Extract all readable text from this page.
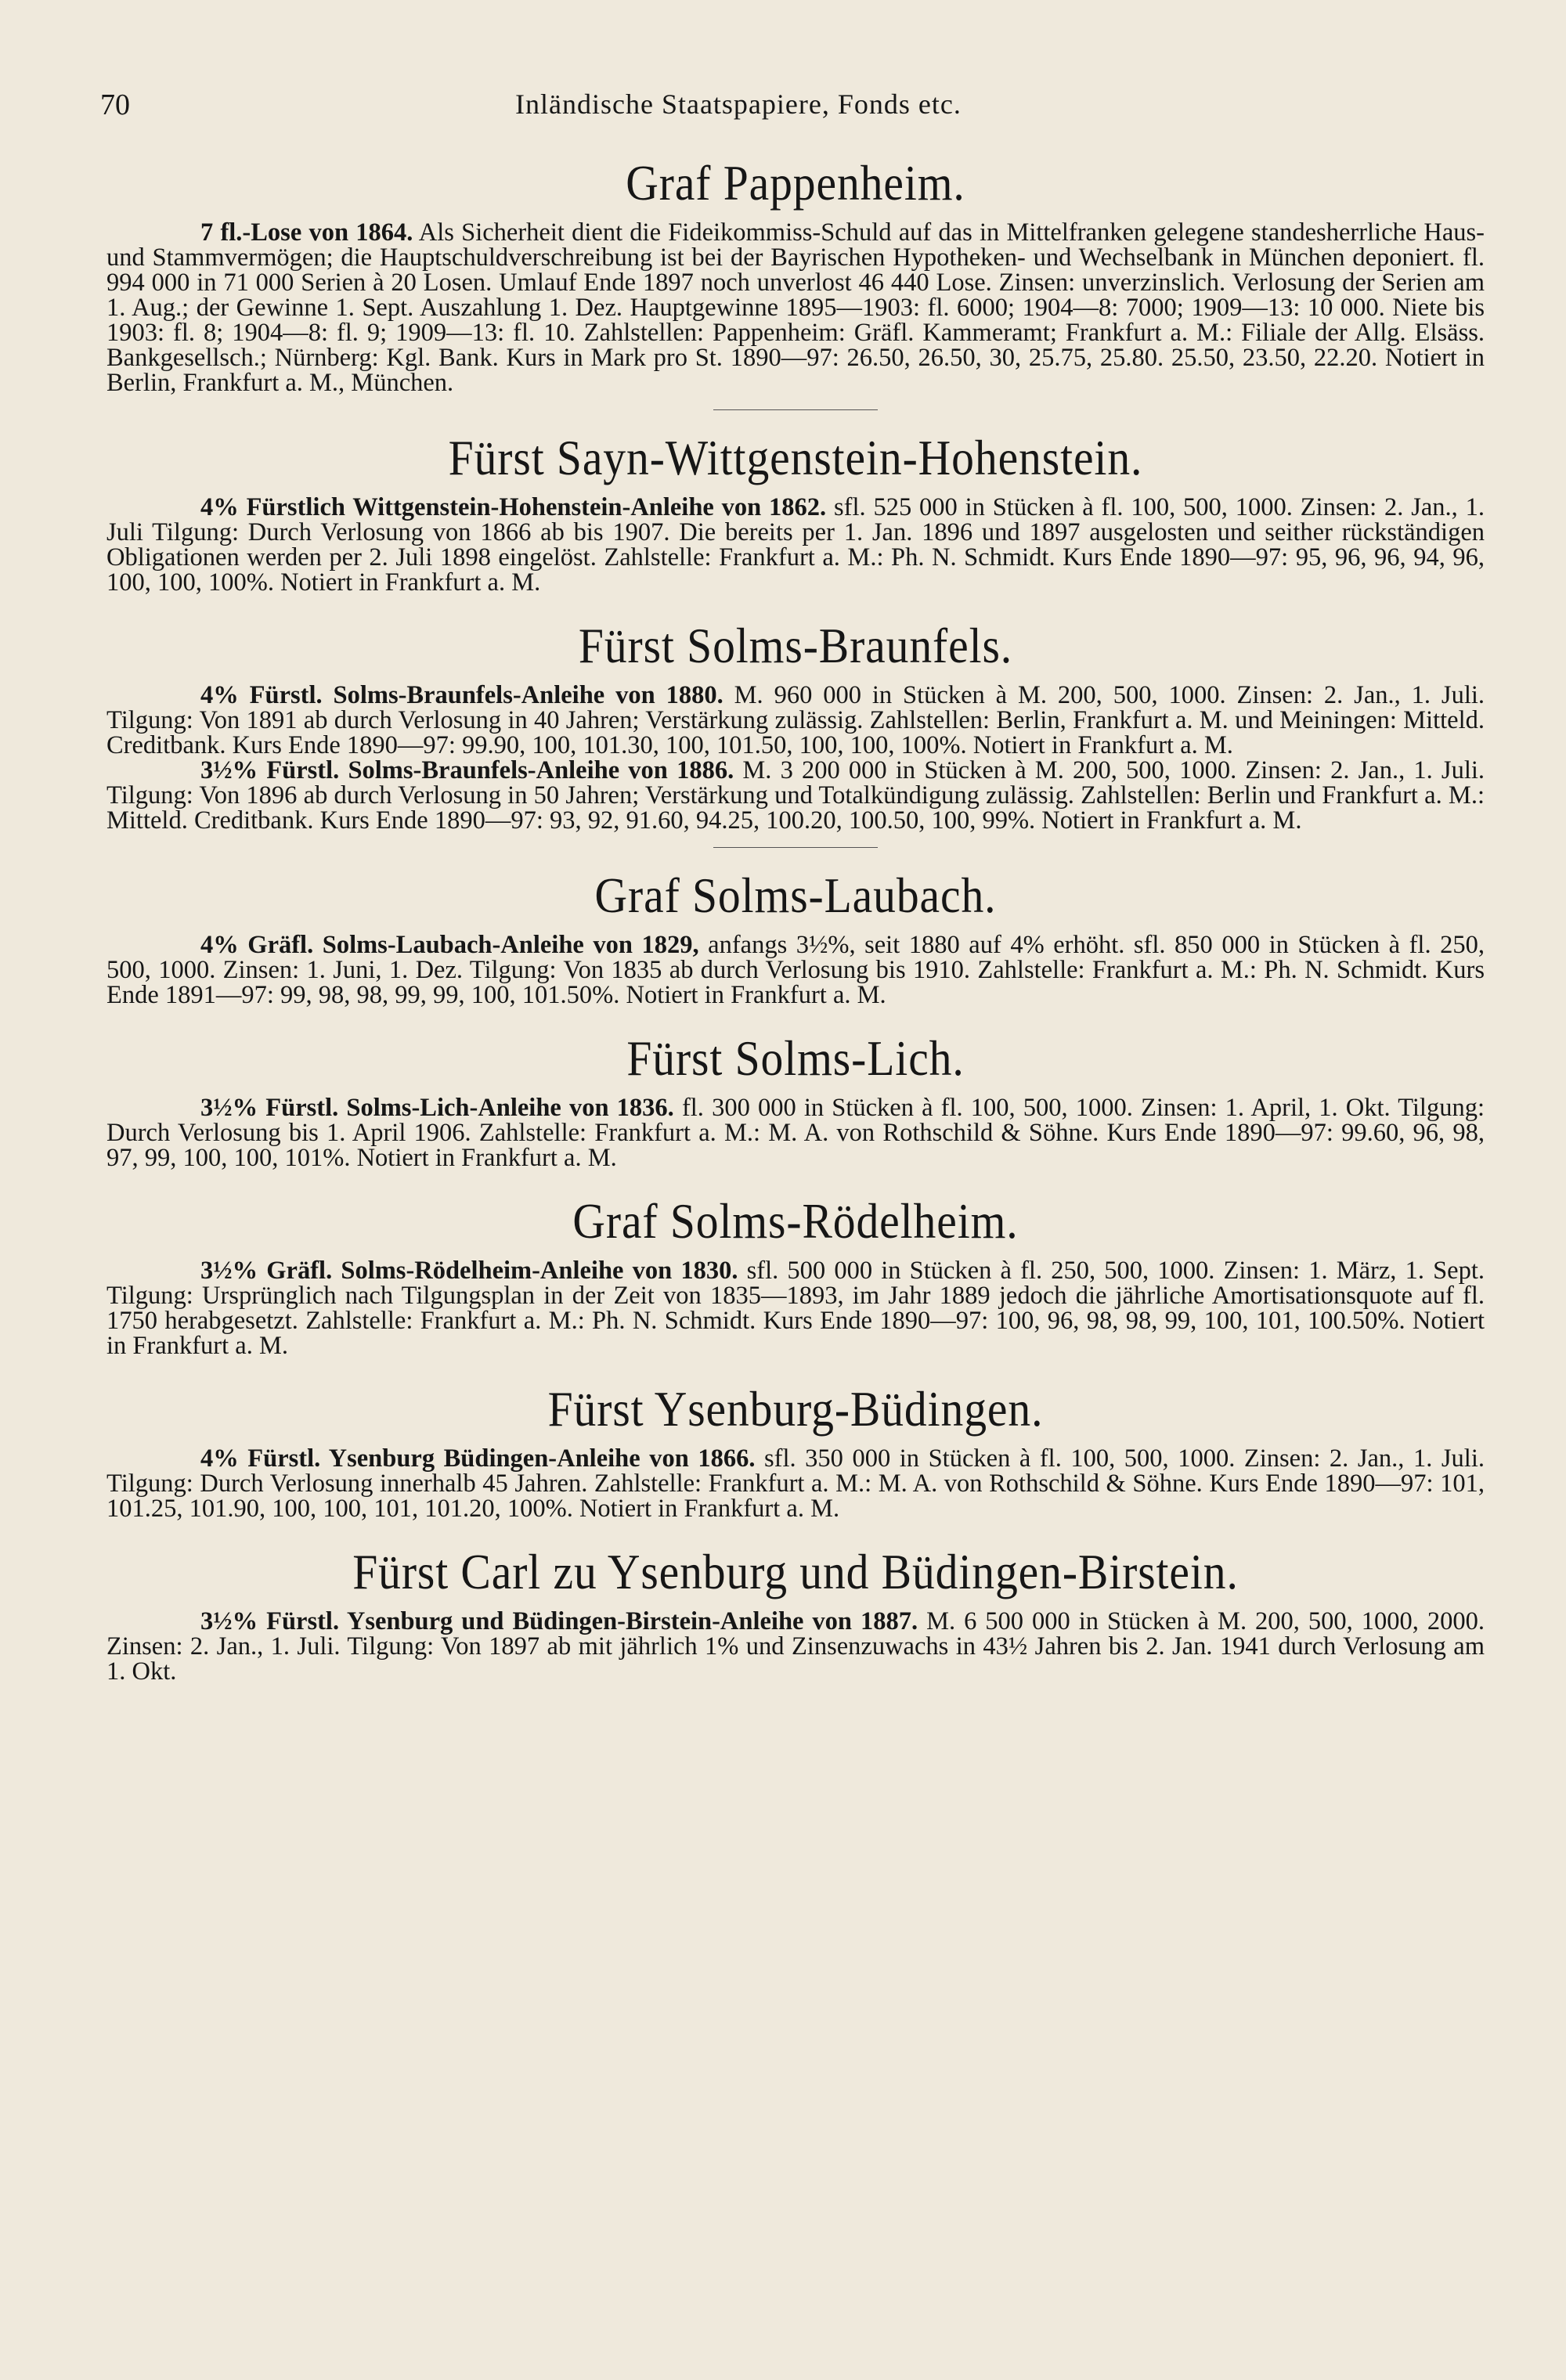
70	Inländische Staatspapiere, Fonds etc.
Graf Pappenheim.

7 fl.-Lose von 1864. Als Sicherheit dient die Fideikommiss-Schuld auf das in Mittelfranken gelegene standesherrliche Haus- und Stammvermögen; die Hauptschuldverschreibung ist bei der Bayrischen Hypotheken- und Wechselbank in München deponiert. fl. 994 000 in 71 000 Serien à 20 Losen. Umlauf Ende 1897 noch unverlost 46 440 Lose. Zinsen: unverzinslich. Verlosung der Serien am 1. Aug.; der Gewinne 1. Sept. Auszahlung 1. Dez. Hauptgewinne 1895—1903: fl. 6000; 1904—8: 7000; 1909—13: 10 000. Niete bis 1903: fl. 8; 1904—8: fl. 9; 1909—13: fl. 10. Zahlstellen: Pappenheim: Gräfl. Kammeramt; Frankfurt a. M.: Filiale der Allg. Elsäss. Bankgesellsch.; Nürnberg: Kgl. Bank. Kurs in Mark pro St. 1890—97: 26.50, 26.50, 30, 25.75, 25.80. 25.50, 23.50, 22.20. Notiert in Berlin, Frankfurt a. M., München.

Fürst Sayn-Wittgenstein-Hohenstein.

4% Fürstlich Wittgenstein-Hohenstein-Anleihe von 1862. sfl. 525 000 in Stücken à fl. 100, 500, 1000. Zinsen: 2. Jan., 1. Juli Tilgung: Durch Verlosung von 1866 ab bis 1907. Die bereits per 1. Jan. 1896 und 1897 ausgelosten und seither rückständigen Obligationen werden per 2. Juli 1898 eingelöst. Zahlstelle: Frankfurt a. M.: Ph. N. Schmidt. Kurs Ende 1890—97: 95, 96, 96, 94, 96, 100, 100, 100%. Notiert in Frankfurt a. M.

Fürst Solms-Braunfels.

4% Fürstl. Solms-Braunfels-Anleihe von 1880. M. 960 000 in Stücken à M. 200, 500, 1000. Zinsen: 2. Jan., 1. Juli. Tilgung: Von 1891 ab durch Verlosung in 40 Jahren; Verstärkung zulässig. Zahlstellen: Berlin, Frankfurt a. M. und Meiningen: Mitteld. Creditbank. Kurs Ende 1890—97: 99.90, 100, 101.30, 100, 101.50, 100, 100, 100%. Notiert in Frankfurt a. M.

3½% Fürstl. Solms-Braunfels-Anleihe von 1886. M. 3 200 000 in Stücken à M. 200, 500, 1000. Zinsen: 2. Jan., 1. Juli. Tilgung: Von 1896 ab durch Verlosung in 50 Jahren; Verstärkung und Totalkündigung zulässig. Zahlstellen: Berlin und Frankfurt a. M.: Mitteld. Creditbank. Kurs Ende 1890—97: 93, 92, 91.60, 94.25, 100.20, 100.50, 100, 99%. Notiert in Frankfurt a. M.

Graf Solms-Laubach.

4% Gräfl. Solms-Laubach-Anleihe von 1829, anfangs 3½%, seit 1880 auf 4% erhöht. sfl. 850 000 in Stücken à fl. 250, 500, 1000. Zinsen: 1. Juni, 1. Dez. Tilgung: Von 1835 ab durch Verlosung bis 1910. Zahlstelle: Frankfurt a. M.: Ph. N. Schmidt. Kurs Ende 1891—97: 99, 98, 98, 99, 99, 100, 101.50%. Notiert in Frankfurt a. M.

Fürst Solms-Lich.

3½% Fürstl. Solms-Lich-Anleihe von 1836. fl. 300 000 in Stücken à fl. 100, 500, 1000. Zinsen: 1. April, 1. Okt. Tilgung: Durch Verlosung bis 1. April 1906. Zahlstelle: Frankfurt a. M.: M. A. von Rothschild & Söhne. Kurs Ende 1890—97: 99.60, 96, 98, 97, 99, 100, 100, 101%. Notiert in Frankfurt a. M.

Graf Solms-Rödelheim.

3½% Gräfl. Solms-Rödelheim-Anleihe von 1830. sfl. 500 000 in Stücken à fl. 250, 500, 1000. Zinsen: 1. März, 1. Sept. Tilgung: Ursprünglich nach Tilgungsplan in der Zeit von 1835—1893, im Jahr 1889 jedoch die jährliche Amortisationsquote auf fl. 1750 herabgesetzt. Zahlstelle: Frankfurt a. M.: Ph. N. Schmidt. Kurs Ende 1890—97: 100, 96, 98, 98, 99, 100, 101, 100.50%. Notiert in Frankfurt a. M.

Fürst Ysenburg-Büdingen.

4% Fürstl. Ysenburg Büdingen-Anleihe von 1866. sfl. 350 000 in Stücken à fl. 100, 500, 1000. Zinsen: 2. Jan., 1. Juli. Tilgung: Durch Verlosung innerhalb 45 Jahren. Zahlstelle: Frankfurt a. M.: M. A. von Rothschild & Söhne. Kurs Ende 1890—97: 101, 101.25, 101.90, 100, 100, 101, 101.20, 100%. Notiert in Frankfurt a. M.

Fürst Carl zu Ysenburg und Büdingen-Birstein.

3½% Fürstl. Ysenburg und Büdingen-Birstein-Anleihe von 1887. M. 6 500 000 in Stücken à M. 200, 500, 1000, 2000. Zinsen: 2. Jan., 1. Juli. Tilgung: Von 1897 ab mit jährlich 1% und Zinsenzuwachs in 43½ Jahren bis 2. Jan. 1941 durch Verlosung am 1. Okt.
